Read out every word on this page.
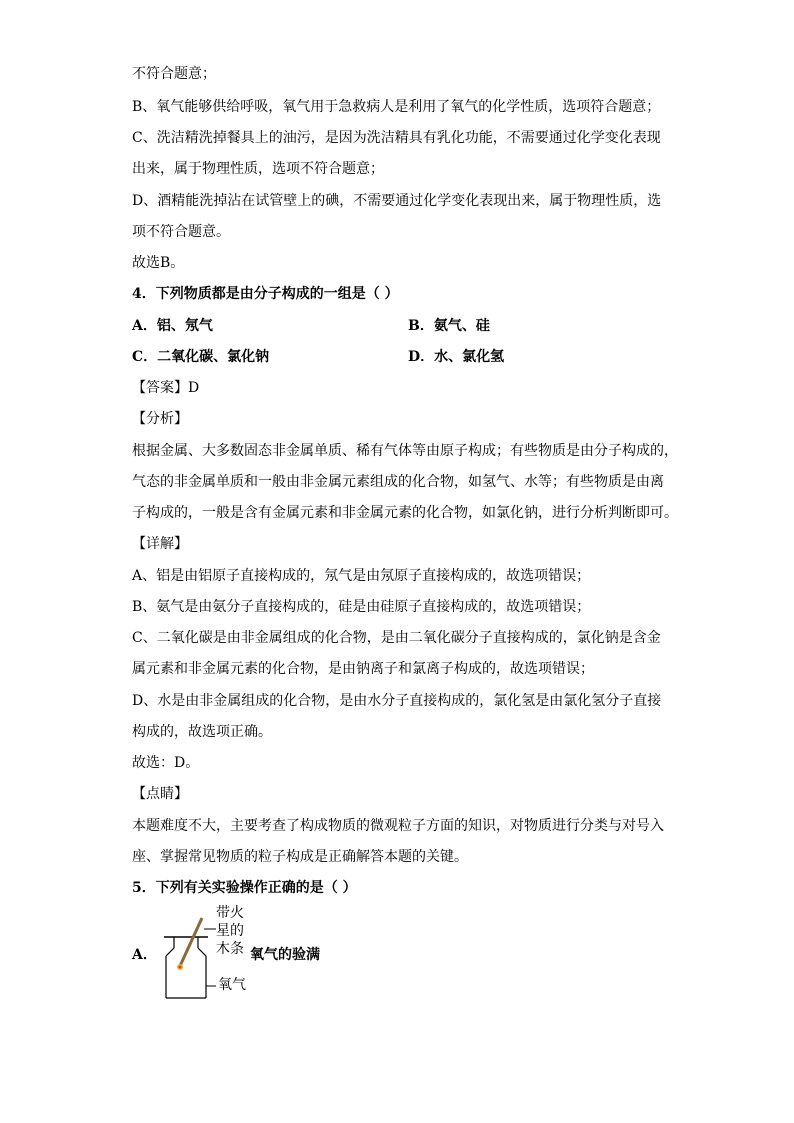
不符合题意；
B、氧气能够供给呼吸，氧气用于急救病人是利用了氧气的化学性质，选项符合题意；
C、洗洁精洗掉餐具上的油污，是因为洗洁精具有乳化功能，不需要通过化学变化表现
出来，属于物理性质，选项不符合题意；
D、酒精能洗掉沾在试管壁上的碘，不需要通过化学变化表现出来，属于物理性质，选
项不符合题意。
故选B。
4．下列物质都是由分子构成的一组是（ ）
A．铝、氖气	B．氨气、硅
C．二氧化碳、氯化钠	D．水、氯化氢
【答案】D
【分析】
根据金属、大多数固态非金属单质、稀有气体等由原子构成；有些物质是由分子构成的，
气态的非金属单质和一般由非金属元素组成的化合物，如氢气、水等；有些物质是由离
子构成的，一般是含有金属元素和非金属元素的化合物，如氯化钠，进行分析判断即可。
【详解】
A、铝是由铝原子直接构成的，氖气是由氖原子直接构成的，故选项错误；
B、氨气是由氨分子直接构成的，硅是由硅原子直接构成的，故选项错误；
C、二氧化碳是由非金属组成的化合物，是由二氧化碳分子直接构成的，氯化钠是含金
属元素和非金属元素的化合物，是由钠离子和氯离子构成的，故选项错误；
D、水是由非金属组成的化合物，是由水分子直接构成的，氯化氢是由氯化氢分子直接
构成的，故选项正确。
故选：D。
【点睛】
本题难度不大，主要考查了构成物质的微观粒子方面的知识，对物质进行分类与对号入
座、掌握常见物质的粒子构成是正确解答本题的关键。
5．下列有关实验操作正确的是（ ）
A．
带火
星的
木条 氧气的验满
氧气
